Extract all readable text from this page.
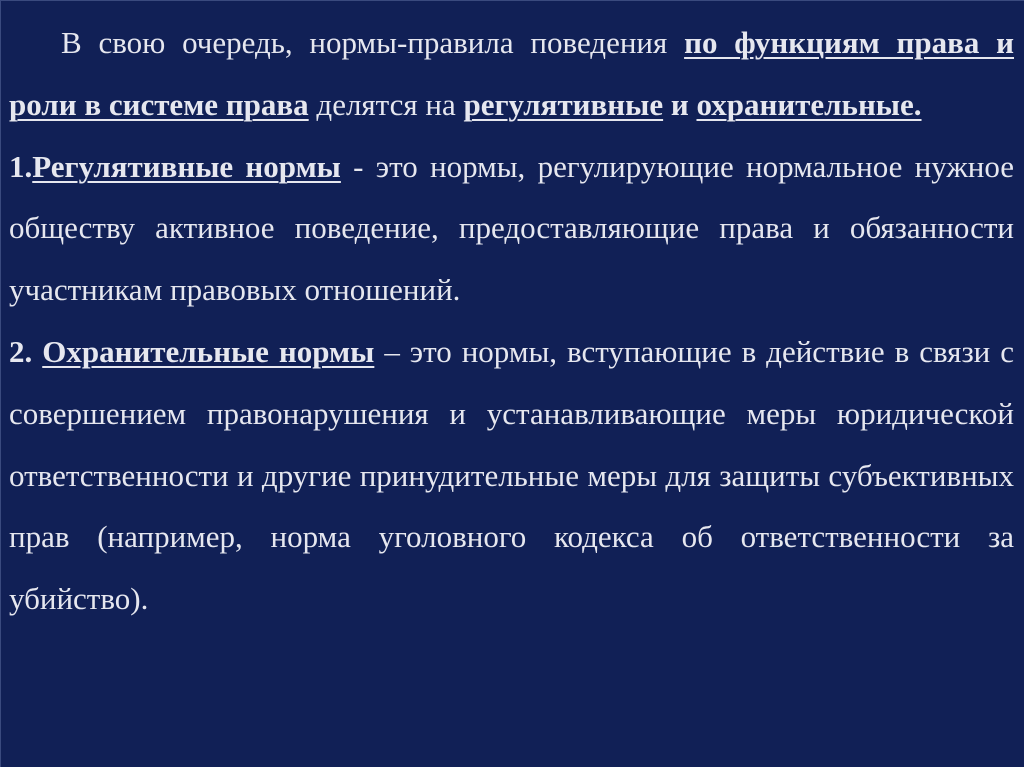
В свою очередь, нормы-правила поведения по функциям права и роли в системе права делятся на регулятивные и охранительные.

1.Регулятивные нормы - это нормы, регулирующие нормальное нужное обществу активное поведение, предоставляющие права и обязанности участникам правовых отношений.

2. Охранительные нормы – это нормы, вступающие в действие в связи с совершением правонарушения и устанавливающие меры юридической ответственности и другие принудительные меры для защиты субъективных прав (например, норма уголовного кодекса об ответственности за убийство).
